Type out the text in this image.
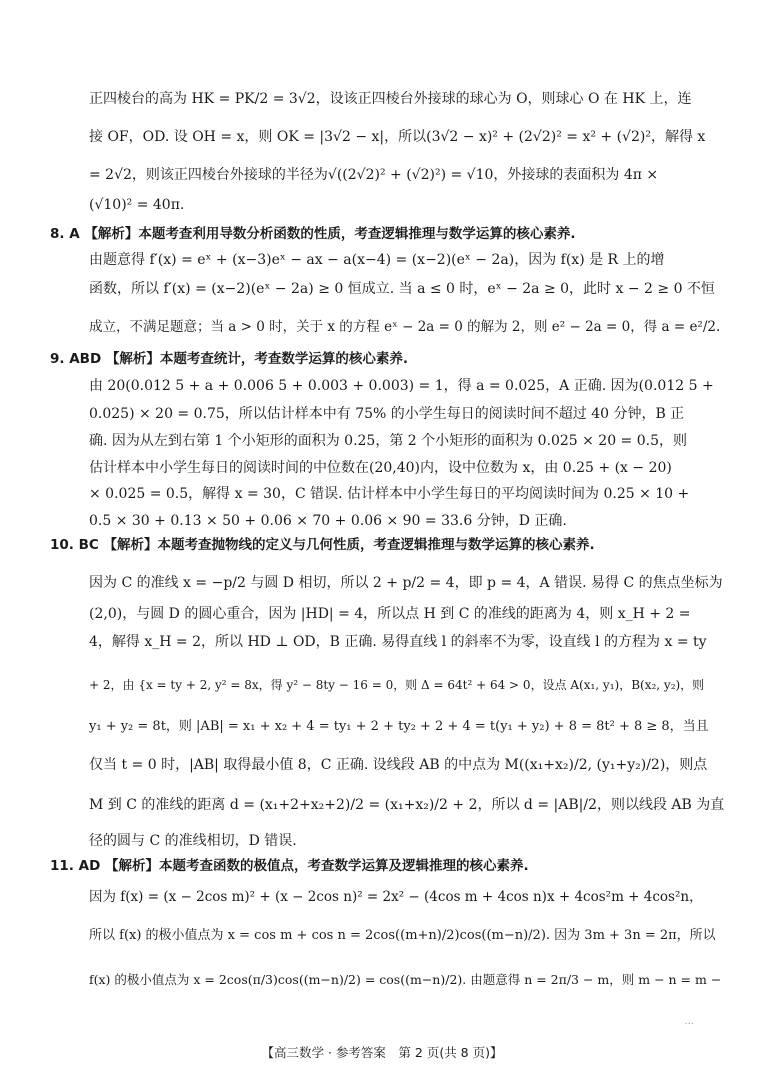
正四棱台的高为 HK = PK/2 = 3√2，设该正四棱台外接球的球心为 O，则球心 O 在 HK 上，连
接 OF，OD. 设 OH = x，则 OK = |3√2 − x|，所以(3√2 − x)² + (2√2)² = x² + (√2)²，解得 x
= 2√2，则该正四棱台外接球的半径为√((2√2)² + (√2)²) = √10，外接球的表面积为 4π ×
(√10)² = 40π.
8. A 【解析】本题考查利用导数分析函数的性质，考查逻辑推理与数学运算的核心素养.
由题意得 f′(x) = eˣ + (x−3)eˣ − ax − a(x−4) = (x−2)(eˣ − 2a)，因为 f(x) 是 R 上的增
函数，所以 f′(x) = (x−2)(eˣ − 2a) ≥ 0 恒成立. 当 a ≤ 0 时，eˣ − 2a ≥ 0，此时 x − 2 ≥ 0 不恒
成立，不满足题意；当 a > 0 时，关于 x 的方程 eˣ − 2a = 0 的解为 2，则 e² − 2a = 0，得 a = e²/2.
9. ABD 【解析】本题考查统计，考查数学运算的核心素养.
由 20(0.012 5 + a + 0.006 5 + 0.003 + 0.003) = 1，得 a = 0.025，A 正确. 因为(0.012 5 +
0.025) × 20 = 0.75，所以估计样本中有 75% 的小学生每日的阅读时间不超过 40 分钟，B 正
确. 因为从左到右第 1 个小矩形的面积为 0.25，第 2 个小矩形的面积为 0.025 × 20 = 0.5，则
估计样本中小学生每日的阅读时间的中位数在(20,40)内，设中位数为 x，由 0.25 + (x − 20)
× 0.025 = 0.5，解得 x = 30，C 错误. 估计样本中小学生每日的平均阅读时间为 0.25 × 10 +
0.5 × 30 + 0.13 × 50 + 0.06 × 70 + 0.06 × 90 = 33.6 分钟，D 正确.
10. BC 【解析】本题考查抛物线的定义与几何性质，考查逻辑推理与数学运算的核心素养.
因为 C 的准线 x = −p/2 与圆 D 相切，所以 2 + p/2 = 4，即 p = 4，A 错误. 易得 C 的焦点坐标为
(2,0)，与圆 D 的圆心重合，因为 |HD| = 4，所以点 H 到 C 的准线的距离为 4，则 x_H + 2 =
4，解得 x_H = 2，所以 HD ⊥ OD，B 正确. 易得直线 l 的斜率不为零，设直线 l 的方程为 x = ty
+ 2，由 {x = ty + 2, y² = 8x，得 y² − 8ty − 16 = 0，则 Δ = 64t² + 64 > 0，设点 A(x₁, y₁)，B(x₂, y₂)，则
y₁ + y₂ = 8t，则 |AB| = x₁ + x₂ + 4 = ty₁ + 2 + ty₂ + 2 + 4 = t(y₁ + y₂) + 8 = 8t² + 8 ≥ 8，当且
仅当 t = 0 时，|AB| 取得最小值 8，C 正确. 设线段 AB 的中点为 M((x₁+x₂)/2, (y₁+y₂)/2)，则点
M 到 C 的准线的距离 d = (x₁+2+x₂+2)/2 = (x₁+x₂)/2 + 2，所以 d = |AB|/2，则以线段 AB 为直
径的圆与 C 的准线相切，D 错误.
11. AD 【解析】本题考查函数的极值点，考查数学运算及逻辑推理的核心素养.
因为 f(x) = (x − 2cos m)² + (x − 2cos n)² = 2x² − (4cos m + 4cos n)x + 4cos²m + 4cos²n，
所以 f(x) 的极小值点为 x = cos m + cos n = 2cos((m+n)/2)cos((m−n)/2). 因为 3m + 3n = 2π，所以
f(x) 的极小值点为 x = 2cos(π/3)cos((m−n)/2) = cos((m−n)/2). 由题意得 n = 2π/3 − m，则 m − n = m −
...
【高三数学 · 参考答案　第 2 页(共 8 页)】
